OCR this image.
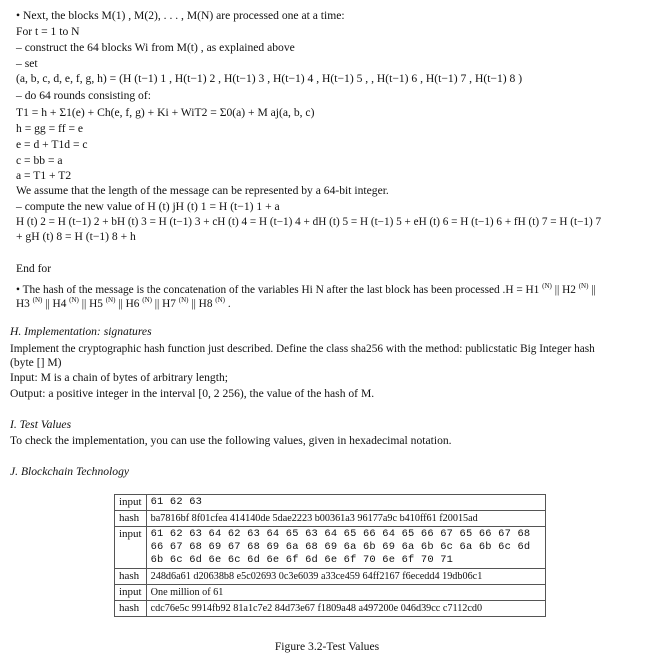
• Next, the blocks M(1) , M(2), . . . , M(N) are processed one at a time:
For t = 1 to N
– construct the 64 blocks Wi from M(t) , as explained above
– set
(a, b, c, d, e, f, g, h) = (H (t−1) 1 , H(t−1) 2 , H(t−1) 3 , H(t−1) 4 , H(t−1) 5 , , H(t−1) 6 , H(t−1) 7 , H(t−1) 8 )
– do 64 rounds consisting of:
T1 = h + Σ1(e) + Ch(e, f, g) + Ki + WiT2 = Σ0(a) + M aj(a, b, c)
h = gg = ff = e
e = d + T1d = c
c = bb = a
a = T1 + T2
We assume that the length of the message can be represented by a 64-bit integer.
– compute the new value of H (t) jH (t) 1 = H (t−1) 1 + a
H (t) 2 = H (t−1) 2 + bH (t) 3 = H (t−1) 3 + cH (t) 4 = H (t−1) 4 + dH (t) 5 = H (t−1) 5 + eH (t) 6 = H (t−1) 6 + fH (t) 7 = H (t−1) 7
+ gH (t) 8 = H (t−1) 8 + h
End for
• The hash of the message is the concatenation of the variables Hi N after the last block has been processed .H = H1 $^{(N)}$ || H2 $^{(N)}$ ||
H3 $^{(N)}$ || H4 $^{(N)}$ || H5 $^{(N)}$ || H6 $^{(N)}$ || H7 $^{(N)}$ || H8 $^{(N)}$ .
H. Implementation: signatures
Implement the cryptographic hash function just described. Define the class sha256 with the method: publicstatic Big Integer hash
(byte [] M)
Input: M is a chain of bytes of arbitrary length;
Output: a positive integer in the interval [0, 2 256), the value of the hash of M.
I. Test Values
To check the implementation, you can use the following values, given in hexadecimal notation.
J. Blockchain Technology
input	61 62 63
hash	ba7816bf 8f01cfea 414140de 5dae2223 b00361a3 96177a9c b410ff61 f20015ad
input	61 62 63 64 62 63 64 65 63 64 65 66 64 65 66 67 65 66 67 68 66 67 68 69 67 68 69 6a 68 69 6a 6b 69 6a 6b 6c 6a 6b 6c 6d 6b 6c 6d 6e 6c 6d 6e 6f 6d 6e 6f 70 6e 6f 70 71
hash	248d6a61 d20638b8 e5c02693 0c3e6039 a33ce459 64ff2167 f6ecedd4 19db06c1
input	One million of 61
hash	cdc76e5c 9914fb92 81a1c7e2 84d73e67 f1809a48 a497200e 046d39cc c7112cd0
Figure 3.2-Test Values
